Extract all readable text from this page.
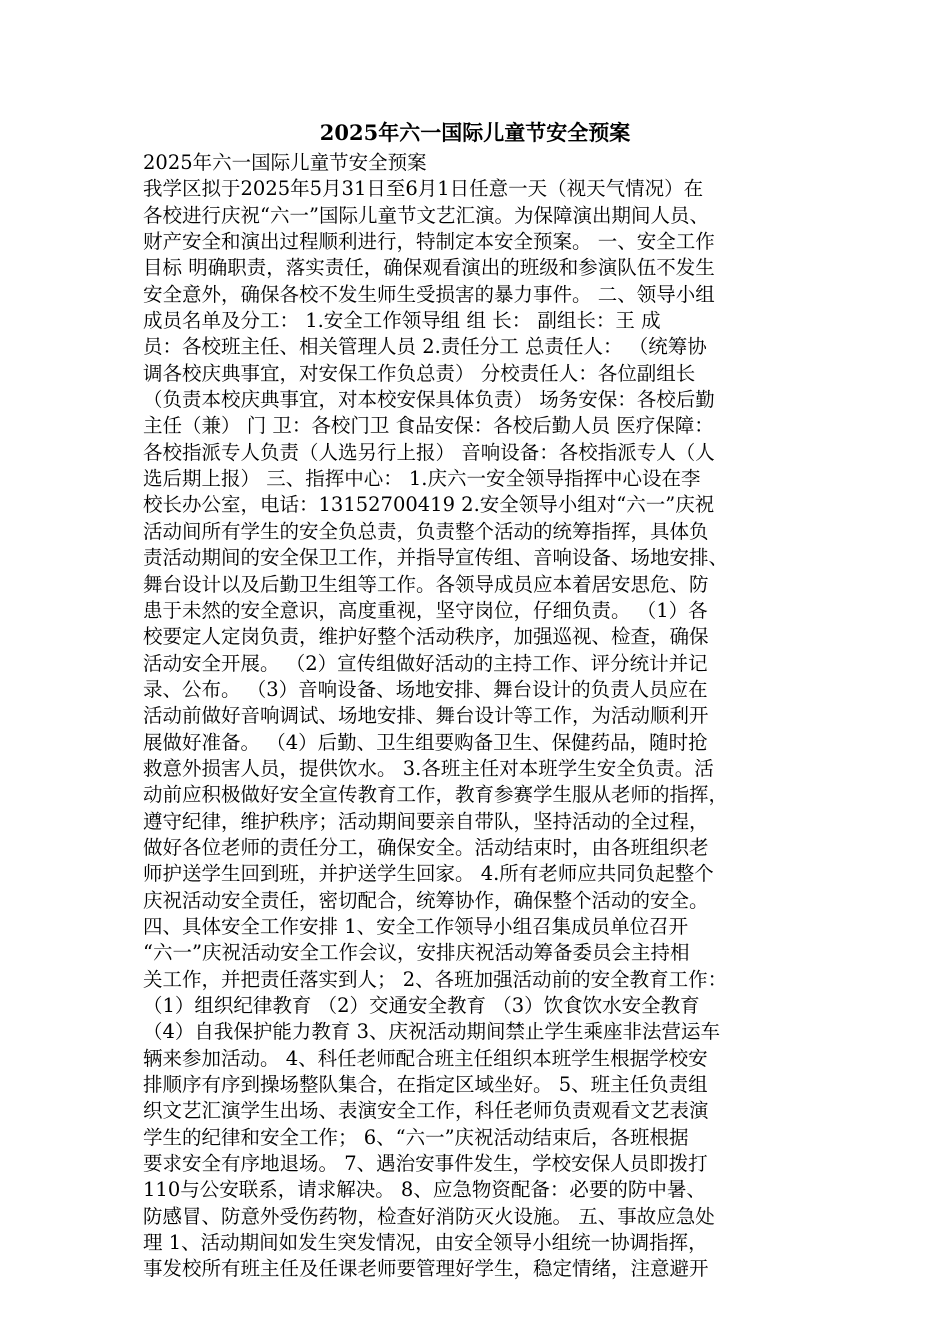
2025年六一国际儿童节安全预案
2025年六一国际儿童节安全预案
我学区拟于2025年5月31日至6月1日任意一天（视天气情况）在
各校进行庆祝“六一”国际儿童节文艺汇演。为保障演出期间人员、
财产安全和演出过程顺利进行，特制定本安全预案。 一、安全工作
目标 明确职责，落实责任，确保观看演出的班级和参演队伍不发生
安全意外，确保各校不发生师生受损害的暴力事件。 二、领导小组
成员名单及分工： 1.安全工作领导组 组 长： 副组长：王 成
员：各校班主任、相关管理人员 2.责任分工 总责任人： （统筹协
调各校庆典事宜，对安保工作负总责） 分校责任人：各位副组长
（负责本校庆典事宜，对本校安保具体负责） 场务安保：各校后勤
主任（兼） 门 卫：各校门卫 食品安保：各校后勤人员 医疗保障：
各校指派专人负责（人选另行上报） 音响设备：各校指派专人（人
选后期上报） 三、指挥中心： 1.庆六一安全领导指挥中心设在李
校长办公室，电话：13152700419 2.安全领导小组对“六一”庆祝
活动间所有学生的安全负总责，负责整个活动的统筹指挥，具体负
责活动期间的安全保卫工作，并指导宣传组、音响设备、场地安排、
舞台设计以及后勤卫生组等工作。各领导成员应本着居安思危、防
患于未然的安全意识，高度重视，坚守岗位，仔细负责。 （1）各
校要定人定岗负责，维护好整个活动秩序，加强巡视、检查，确保
活动安全开展。 （2）宣传组做好活动的主持工作、评分统计并记
录、公布。 （3）音响设备、场地安排、舞台设计的负责人员应在
活动前做好音响调试、场地安排、舞台设计等工作，为活动顺利开
展做好准备。 （4）后勤、卫生组要购备卫生、保健药品，随时抢
救意外损害人员，提供饮水。 3.各班主任对本班学生安全负责。活
动前应积极做好安全宣传教育工作，教育参赛学生服从老师的指挥，
遵守纪律，维护秩序；活动期间要亲自带队，坚持活动的全过程，
做好各位老师的责任分工，确保安全。活动结束时，由各班组织老
师护送学生回到班，并护送学生回家。 4.所有老师应共同负起整个
庆祝活动安全责任，密切配合，统筹协作，确保整个活动的安全。
四、具体安全工作安排 1、安全工作领导小组召集成员单位召开
“六一”庆祝活动安全工作会议，安排庆祝活动筹备委员会主持相
关工作，并把责任落实到人； 2、各班加强活动前的安全教育工作：
（1）组织纪律教育 （2）交通安全教育 （3）饮食饮水安全教育
（4）自我保护能力教育 3、庆祝活动期间禁止学生乘座非法营运车
辆来参加活动。 4、科任老师配合班主任组织本班学生根据学校安
排顺序有序到操场整队集合，在指定区域坐好。 5、班主任负责组
织文艺汇演学生出场、表演安全工作，科任老师负责观看文艺表演
学生的纪律和安全工作； 6、“六一”庆祝活动结束后，各班根据
要求安全有序地退场。 7、遇治安事件发生，学校安保人员即拨打
110与公安联系，请求解决。 8、应急物资配备：必要的防中暑、
防感冒、防意外受伤药物，检查好消防灭火设施。 五、事故应急处
理 1、活动期间如发生突发情况，由安全领导小组统一协调指挥，
事发校所有班主任及任课老师要管理好学生，稳定情绪，注意避开
